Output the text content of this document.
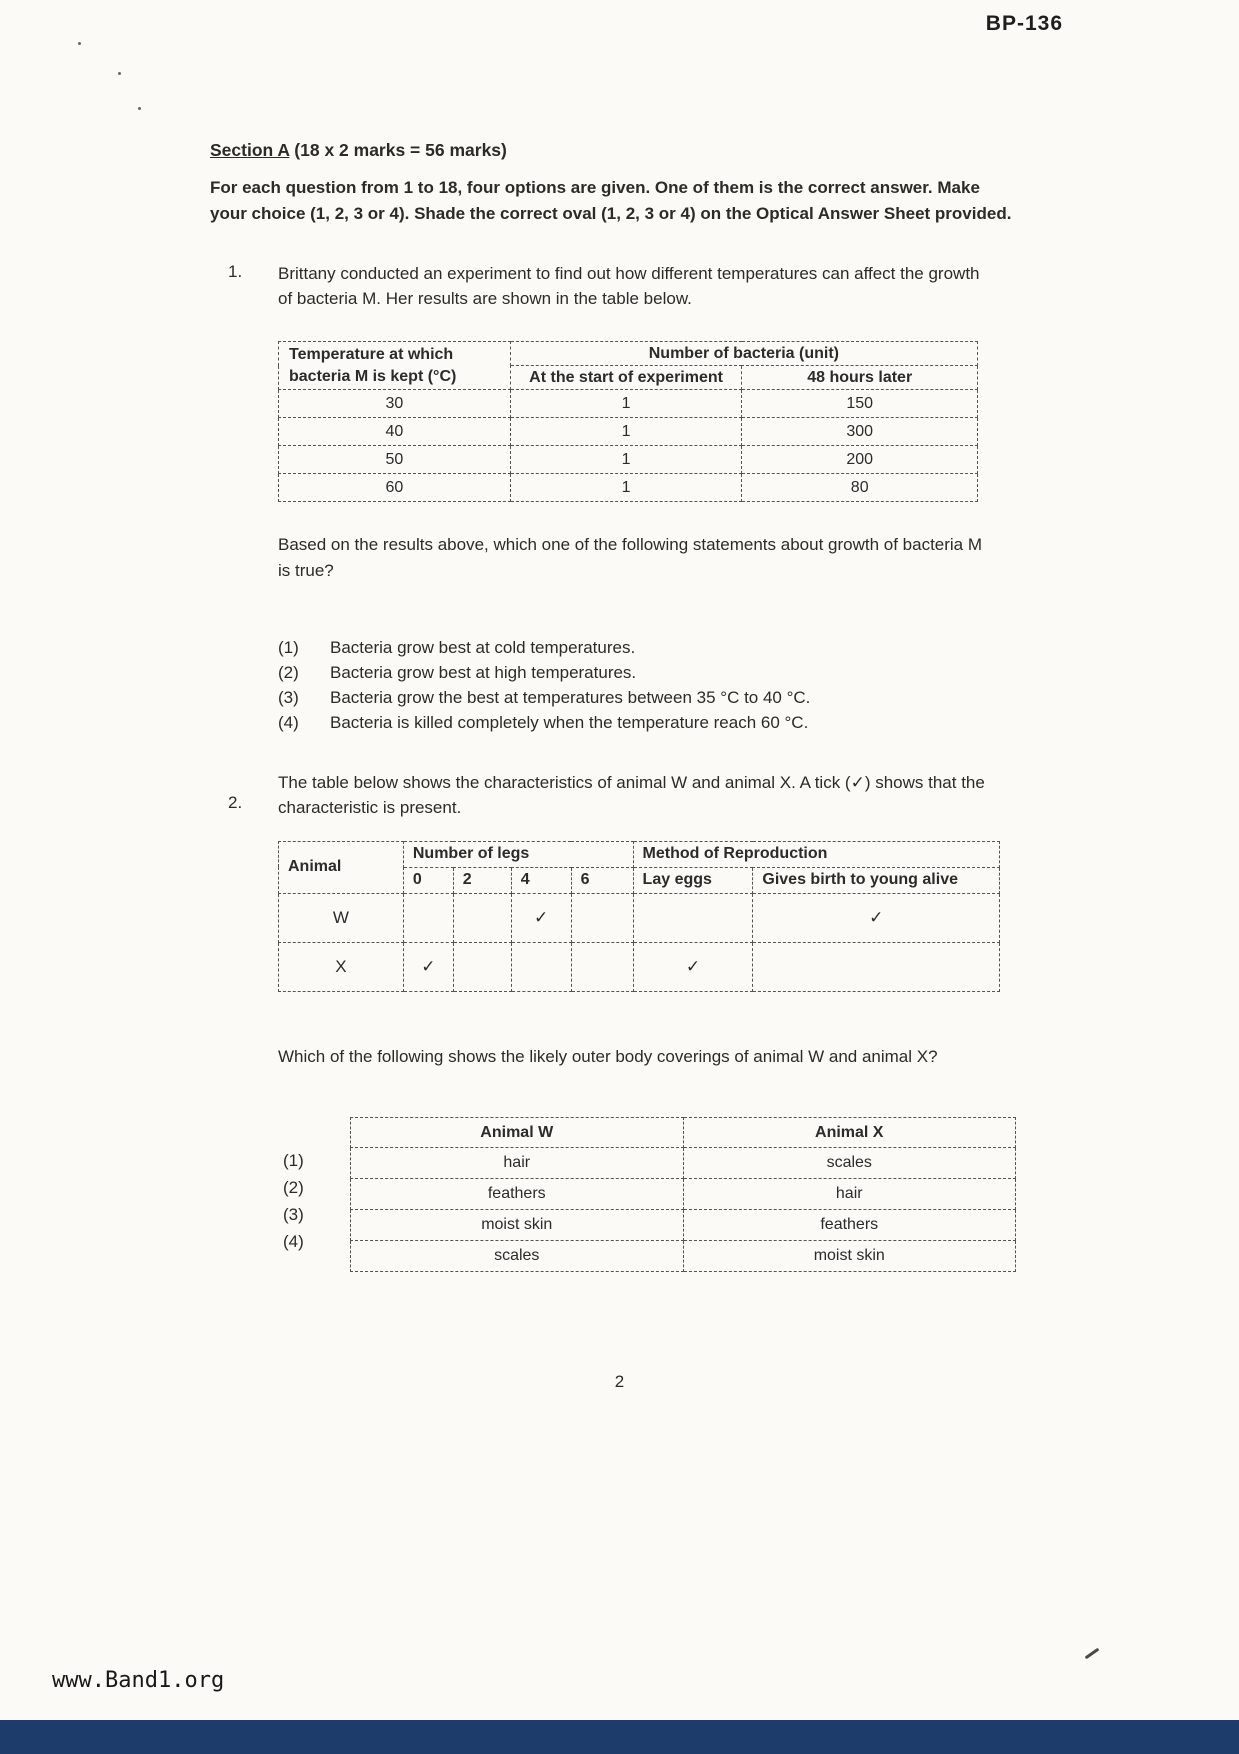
BP-136
Section A (18 x 2 marks = 56 marks)

For each question from 1 to 18, four options are given. One of them is the correct answer. Make your choice (1, 2, 3 or 4). Shade the correct oval (1, 2, 3 or 4) on the Optical Answer Sheet provided.

1.	Brittany conducted an experiment to find out how different temperatures can affect the growth of bacteria M. Her results are shown in the table below.

Temperature at which bacteria M is kept (°C)	Number of bacteria (unit)	
	At the start of experiment	48 hours later
30	1	150
40	1	300
50	1	200
60	1	80

Based on the results above, which one of the following statements about growth of bacteria M is true?

(1)	Bacteria grow best at cold temperatures.
(2)	Bacteria grow best at high temperatures.
(3)	Bacteria grow the best at temperatures between 35 °C to 40 °C.
(4)	Bacteria is killed completely when the temperature reach 60 °C.
2.

The table below shows the characteristics of animal W and animal X. A tick (✓) shows that the characteristic is present.

Animal	Number of legs				Method of Reproduction	
	0	2	4	6	Lay eggs	Gives birth to young alive
W			✓			✓
X	✓				✓	

Which of the following shows the likely outer body coverings of animal W and animal X?

(1)
(2)
(3)
(4)
Animal W	Animal X
hair	scales
feathers	hair
moist skin	feathers
scales	moist skin
2
www.Band1.org
